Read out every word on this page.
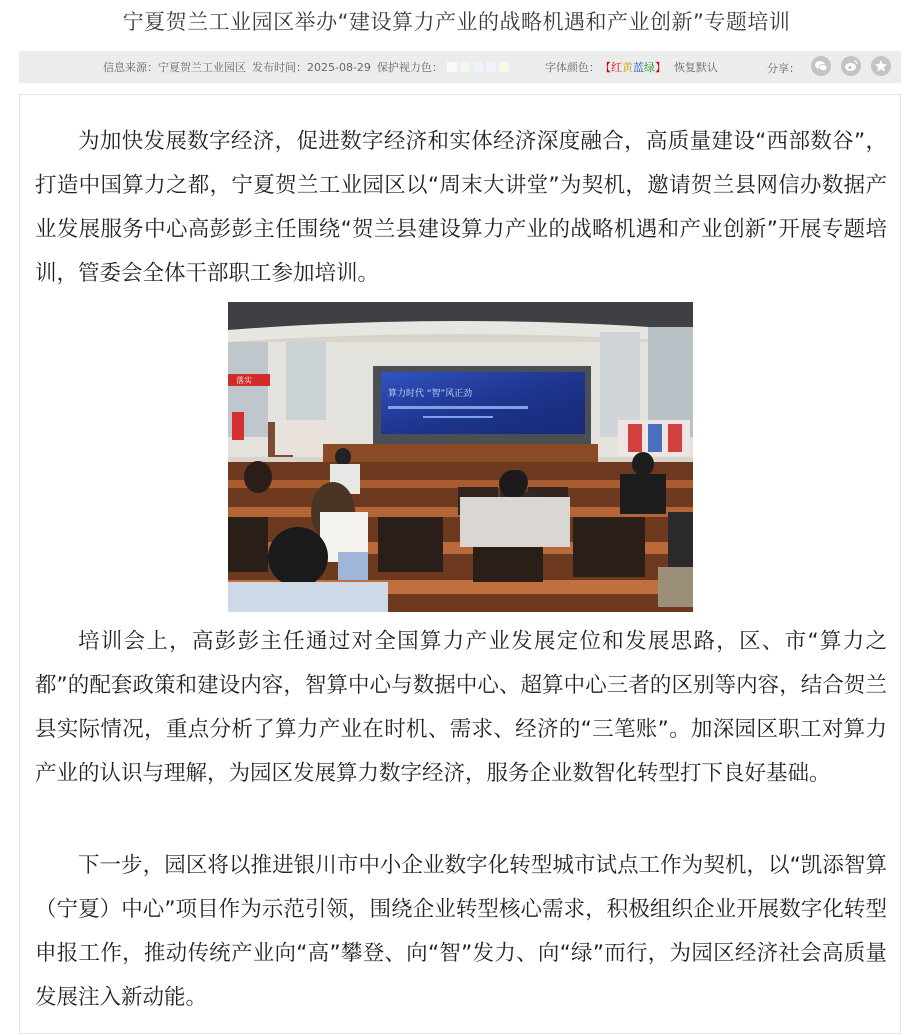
宁夏贺兰工业园区举办“建设算力产业的战略机遇和产业创新”专题培训
信息来源： 宁夏贺兰工业园区 发布时间： 2025-08-29 保护视力色：	字体颜色： 【 红 黄 蓝 绿 】 恢复默认	分享：

为加快发展数字经济，促进数字经济和实体经济深度融合，高质量建设“西部数谷”，打造中国算力之都，宁夏贺兰工业园区以“周末大讲堂”为契机，邀请贺兰县网信办数据产业发展服务中心高彭彭主任围绕“贺兰县建设算力产业的战略机遇和产业创新”开展专题培训，管委会全体干部职工参加培训。

落实
算力时代 “智”风正劲

培训会上，高彭彭主任通过对全国算力产业发展定位和发展思路，区、市“算力之都”的配套政策和建设内容，智算中心与数据中心、超算中心三者的区别等内容，结合贺兰县实际情况，重点分析了算力产业在时机、需求、经济的“三笔账”。加深园区职工对算力产业的认识与理解，为园区发展算力数字经济，服务企业数智化转型打下良好基础。

下一步，园区将以推进银川市中小企业数字化转型城市试点工作为契机，以“凯添智算（宁夏）中心”项目作为示范引领，围绕企业转型核心需求，积极组织企业开展数字化转型申报工作，推动传统产业向“高”攀登、向“智”发力、向“绿”而行，为园区经济社会高质量发展注入新动能。
